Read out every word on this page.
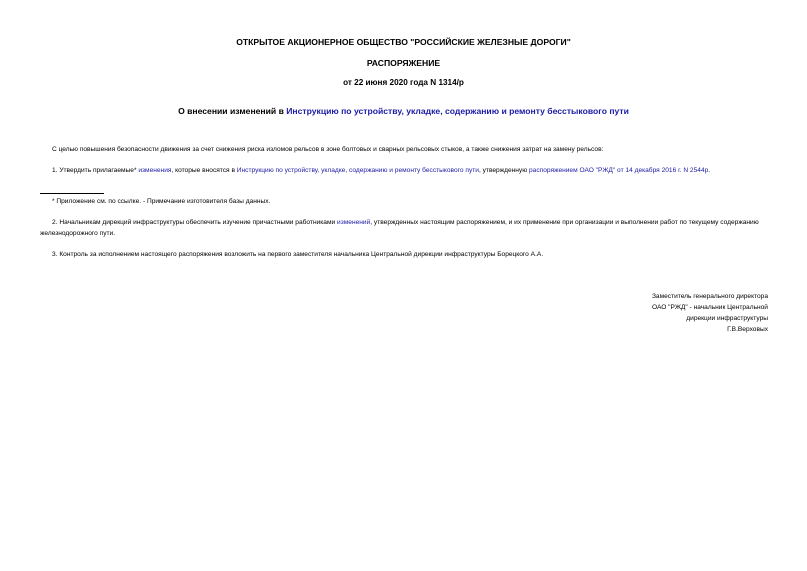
ОТКРЫТОЕ АКЦИОНЕРНОЕ ОБЩЕСТВО "РОССИЙСКИЕ ЖЕЛЕЗНЫЕ ДОРОГИ"
РАСПОРЯЖЕНИЕ
от 22 июня 2020 года N 1314/р
О внесении изменений в Инструкцию по устройству, укладке, содержанию и ремонту бесстыкового пути
С целью повышения безопасности движения за счет снижения риска изломов рельсов в зоне болтовых и сварных рельсовых стыков, а также снижения затрат на замену рельсов:
1. Утвердить прилагаемые* изменения, которые вносятся в Инструкцию по устройству, укладке, содержанию и ремонту бесстыкового пути, утвержденную распоряжением ОАО "РЖД" от 14 декабря 2016 г. N 2544р.
* Приложение см. по ссылке. - Примечание изготовителя базы данных.
2. Начальникам дирекций инфраструктуры обеспечить изучение причастными работниками изменений, утвержденных настоящим распоряжением, и их применение при организации и выполнении работ по текущему содержанию железнодорожного пути.
3. Контроль за исполнением настоящего распоряжения возложить на первого заместителя начальника Центральной дирекции инфраструктуры Борецкого А.А.
Заместитель генерального директора
ОАО "РЖД" - начальник Центральной
дирекции инфраструктуры
Г.В.Верховых
